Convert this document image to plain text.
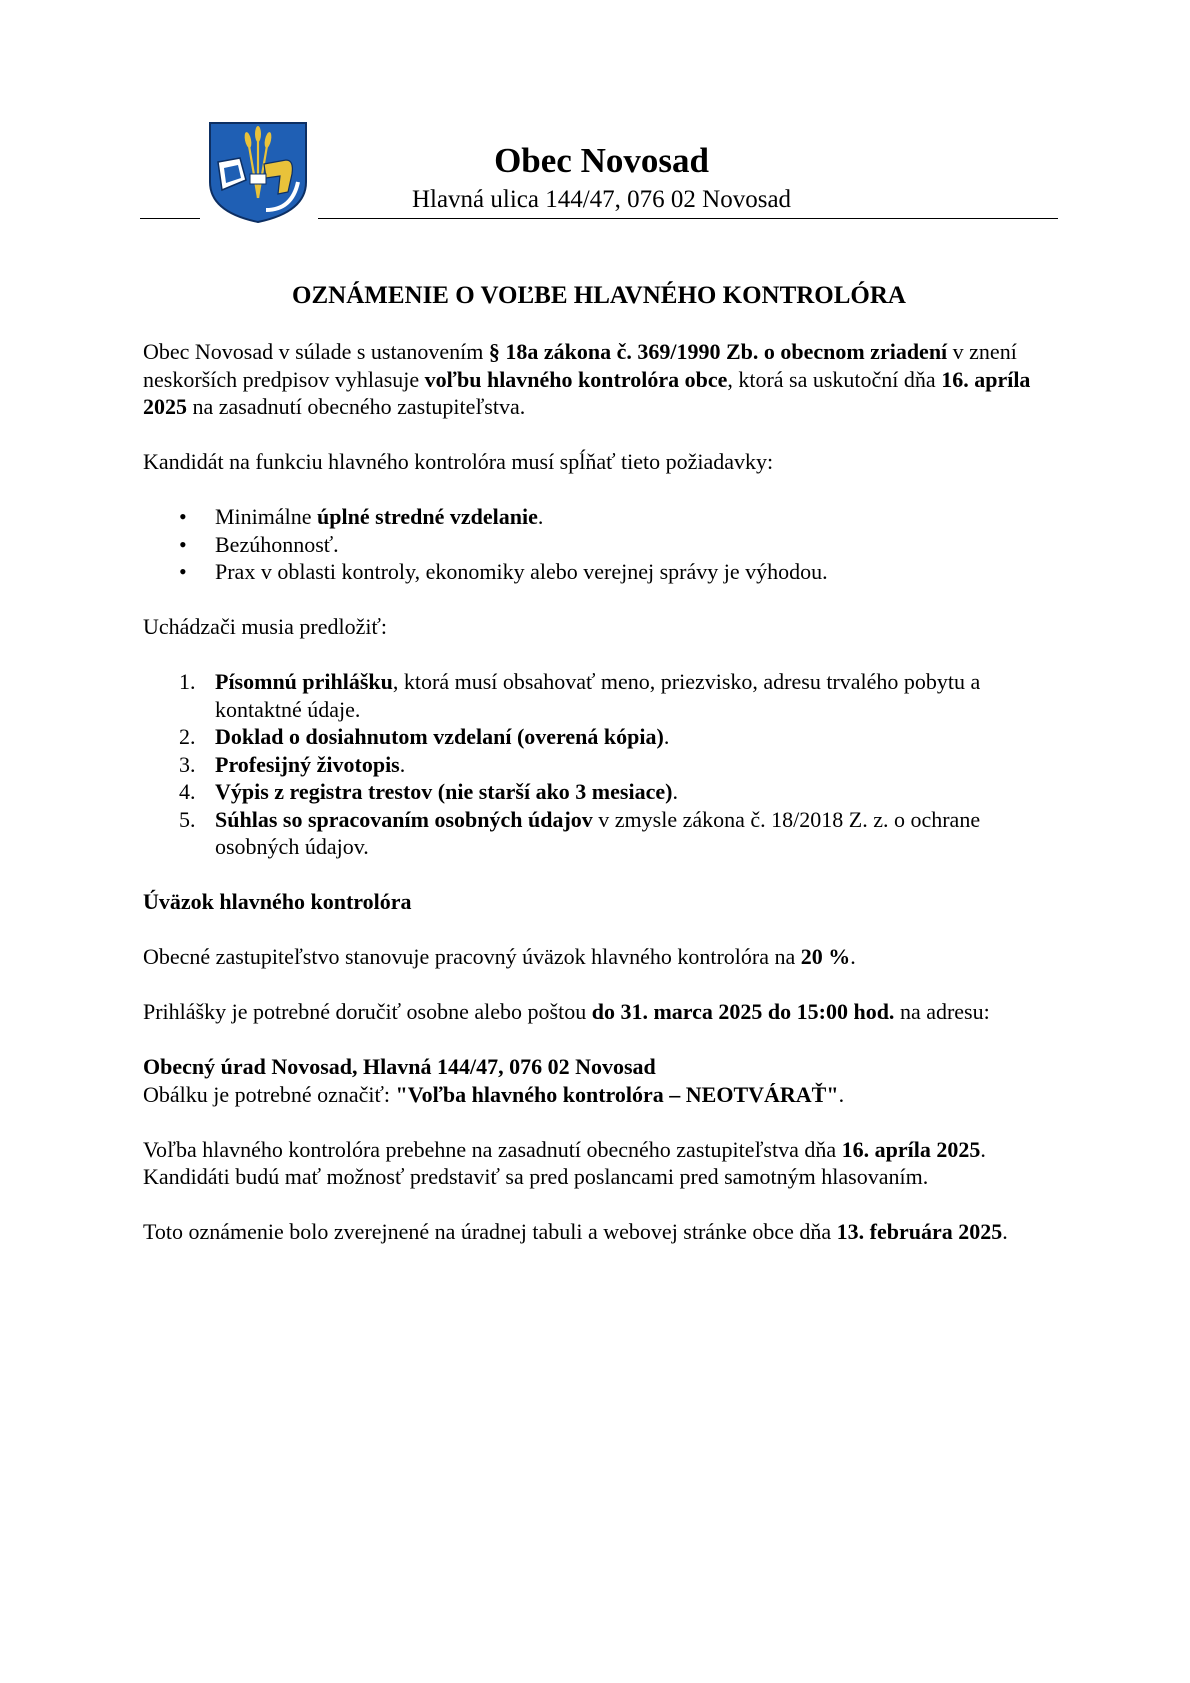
Obec Novosad
Hlavná ulica 144/47, 076 02 Novosad
OZNÁMENIE O VOĽBE HLAVNÉHO KONTROLÓRA

Obec Novosad v súlade s ustanovením § 18a zákona č. 369/1990 Zb. o obecnom zriadení v znení neskorších predpisov vyhlasuje voľbu hlavného kontrolóra obce, ktorá sa uskutoční dňa 16. apríla 2025 na zasadnutí obecného zastupiteľstva.

Kandidát na funkciu hlavného kontrolóra musí spĺňať tieto požiadavky:

• Minimálne úplné stredné vzdelanie.
• Bezúhonnosť.
• Prax v oblasti kontroly, ekonomiky alebo verejnej správy je výhodou.

Uchádzači musia predložiť:

1. Písomnú prihlášku, ktorá musí obsahovať meno, priezvisko, adresu trvalého pobytu a kontaktné údaje.
2. Doklad o dosiahnutom vzdelaní (overená kópia).
3. Profesijný životopis.
4. Výpis z registra trestov (nie starší ako 3 mesiace).
5. Súhlas so spracovaním osobných údajov v zmysle zákona č. 18/2018 Z. z. o ochrane osobných údajov.

Úväzok hlavného kontrolóra

Obecné zastupiteľstvo stanovuje pracovný úväzok hlavného kontrolóra na 20 %.

Prihlášky je potrebné doručiť osobne alebo poštou do 31. marca 2025 do 15:00 hod. na adresu:

Obecný úrad Novosad, Hlavná 144/47, 076 02 Novosad

Obálku je potrebné označiť: "Voľba hlavného kontrolóra – NEOTVÁRAŤ".

Voľba hlavného kontrolóra prebehne na zasadnutí obecného zastupiteľstva dňa 16. apríla 2025. Kandidáti budú mať možnosť predstaviť sa pred poslancami pred samotným hlasovaním.

Toto oznámenie bolo zverejnené na úradnej tabuli a webovej stránke obce dňa 13. februára 2025.
